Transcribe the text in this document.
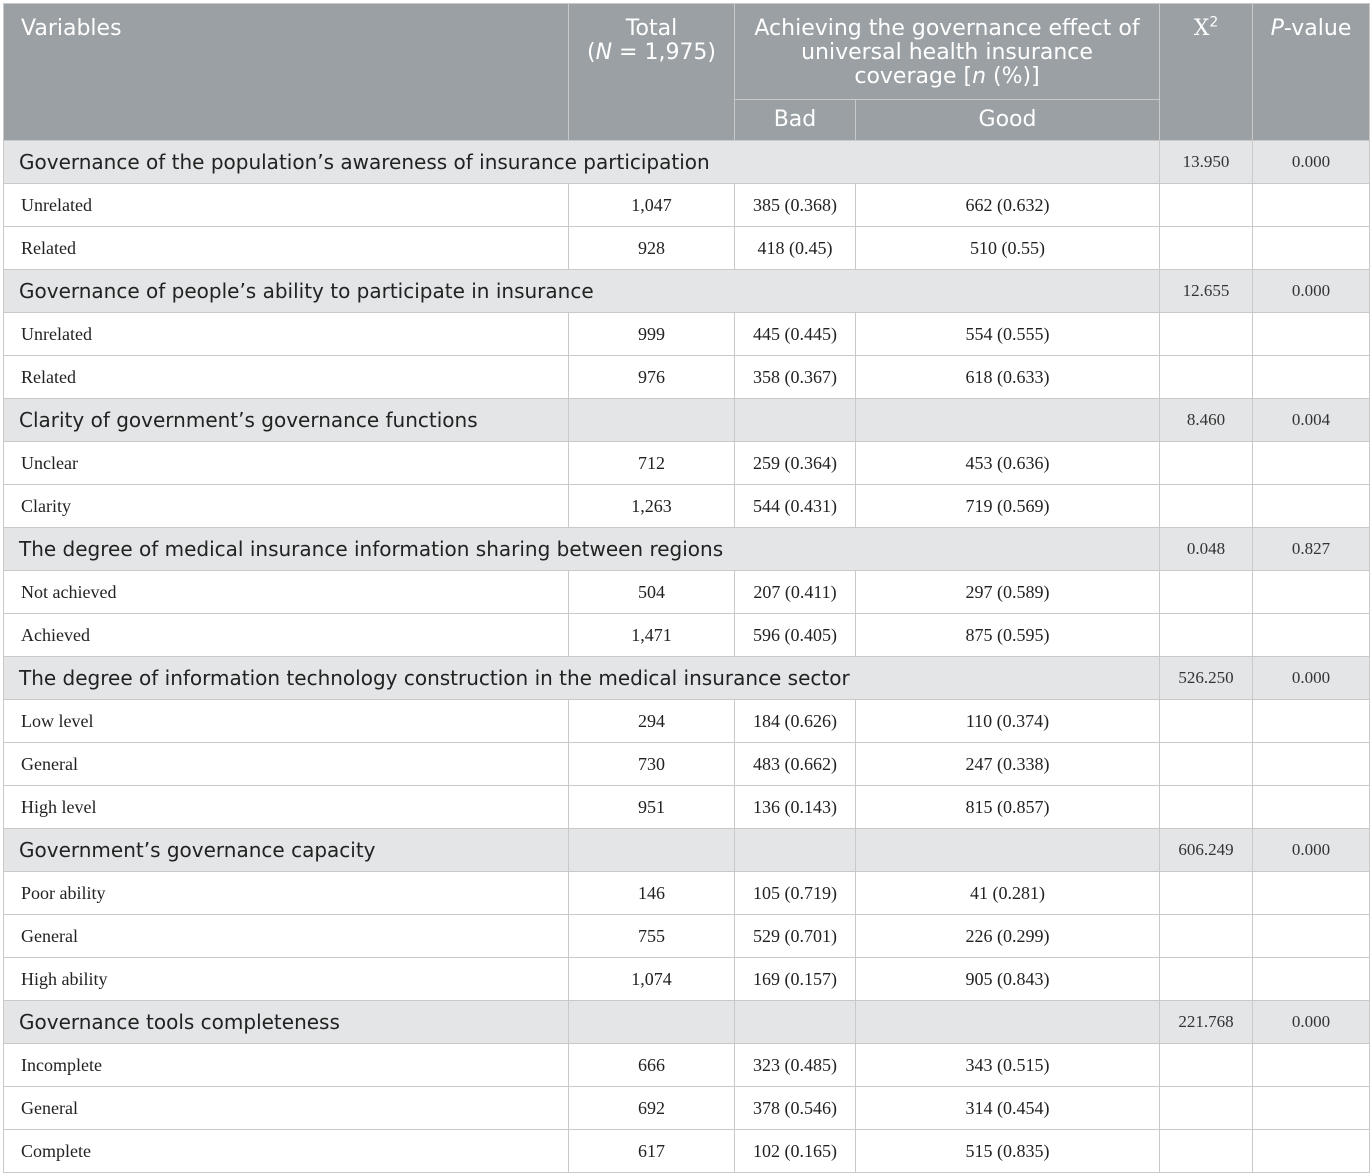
Variables	Total
(N = 1,975)	Achieving the governance effect of universal health insurance coverage [n (%)]		$X^2$	P-value
		Bad	Good		
Governance of the population’s awareness of insurance participation				13.950	0.000
Unrelated	1,047	385 (0.368)	662 (0.632)		
Related	928	418 (0.45)	510 (0.55)		
Governance of people’s ability to participate in insurance				12.655	0.000
Unrelated	999	445 (0.445)	554 (0.555)		
Related	976	358 (0.367)	618 (0.633)		
Clarity of government’s governance functions				8.460	0.004
Unclear	712	259 (0.364)	453 (0.636)		
Clarity	1,263	544 (0.431)	719 (0.569)		
The degree of medical insurance information sharing between regions				0.048	0.827
Not achieved	504	207 (0.411)	297 (0.589)		
Achieved	1,471	596 (0.405)	875 (0.595)		
The degree of information technology construction in the medical insurance sector				526.250	0.000
Low level	294	184 (0.626)	110 (0.374)		
General	730	483 (0.662)	247 (0.338)		
High level	951	136 (0.143)	815 (0.857)		
Government’s governance capacity				606.249	0.000
Poor ability	146	105 (0.719)	41 (0.281)		
General	755	529 (0.701)	226 (0.299)		
High ability	1,074	169 (0.157)	905 (0.843)		
Governance tools completeness				221.768	0.000
Incomplete	666	323 (0.485)	343 (0.515)		
General	692	378 (0.546)	314 (0.454)		
Complete	617	102 (0.165)	515 (0.835)		
